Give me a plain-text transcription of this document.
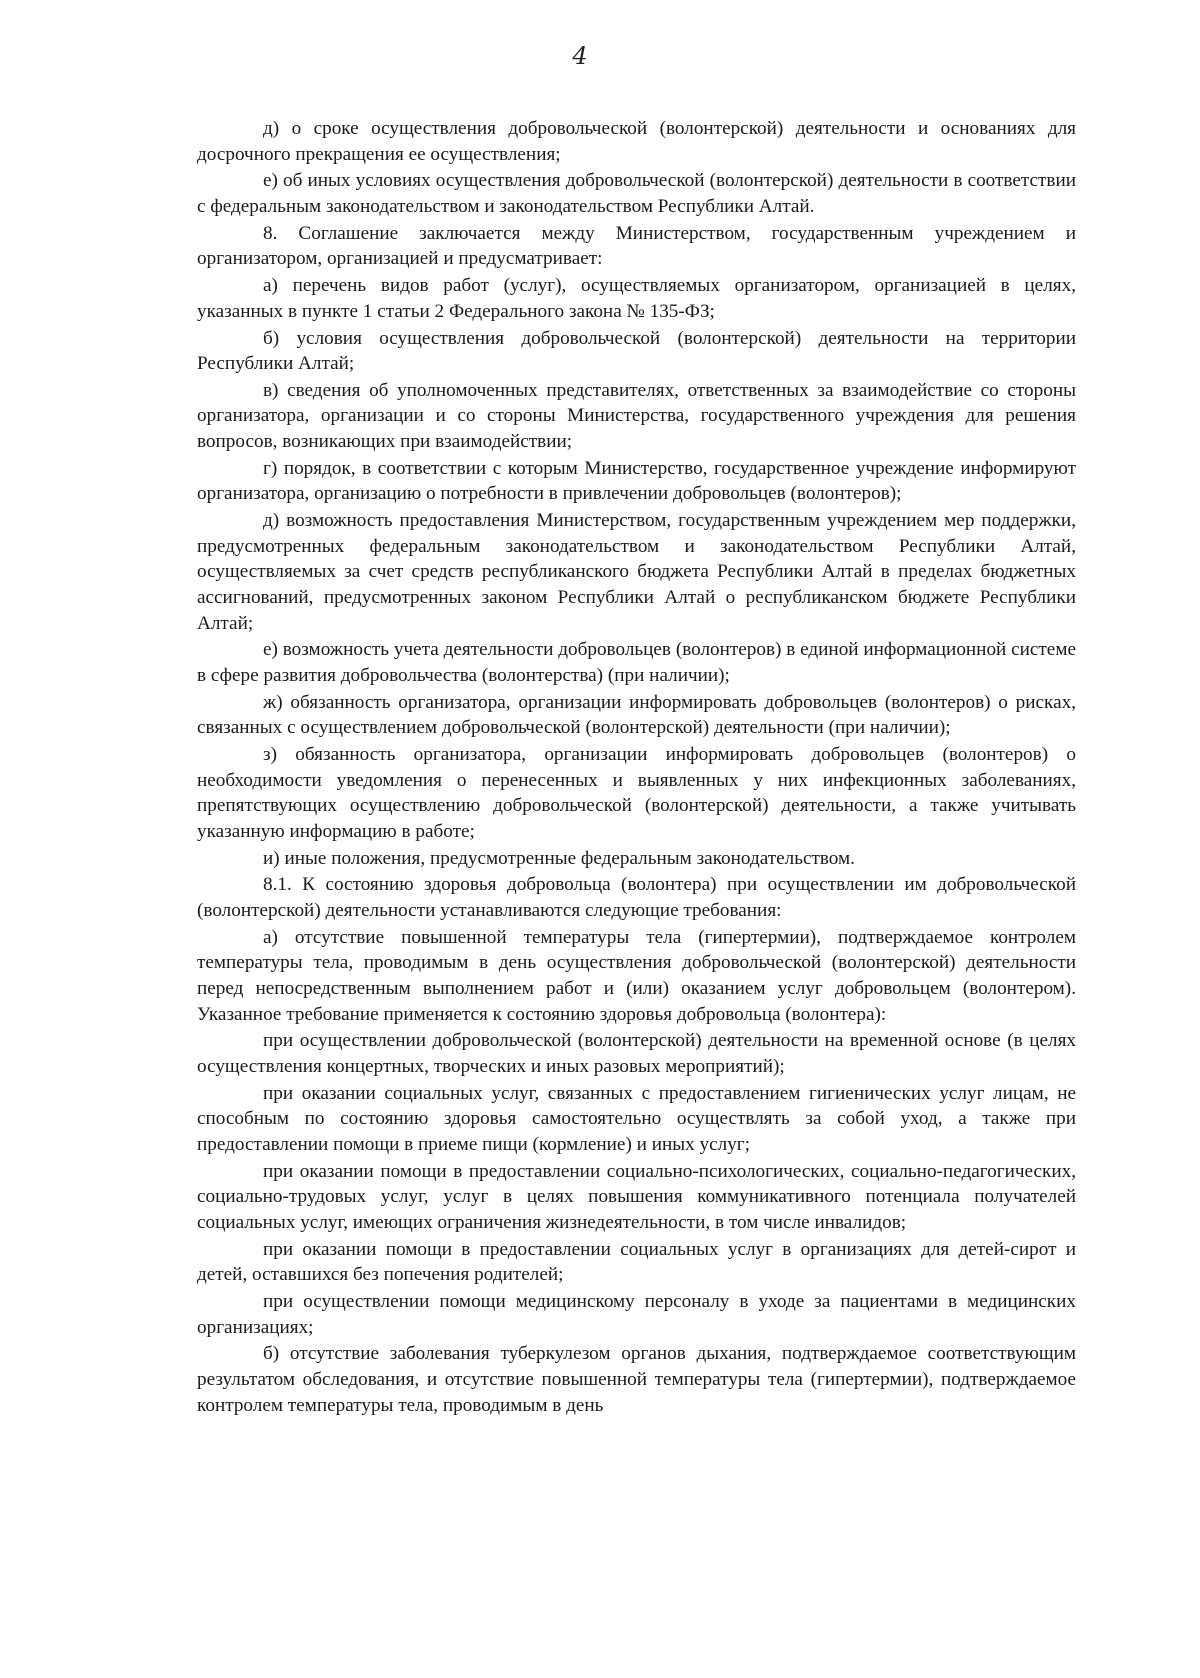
4

д) о сроке осуществления добровольческой (волонтерской) деятельности и основаниях для досрочного прекращения ее осуществления;

е) об иных условиях осуществления добровольческой (волонтерской) деятельности в соответствии с федеральным законодательством и законодательством Республики Алтай.

8. Соглашение заключается между Министерством, государственным учреждением и организатором, организацией и предусматривает:

а) перечень видов работ (услуг), осуществляемых организатором, организацией в целях, указанных в пункте 1 статьи 2 Федерального закона № 135-ФЗ;

б) условия осуществления добровольческой (волонтерской) деятельности на территории Республики Алтай;

в) сведения об уполномоченных представителях, ответственных за взаимодействие со стороны организатора, организации и со стороны Министерства, государственного учреждения для решения вопросов, возникающих при взаимодействии;

г) порядок, в соответствии с которым Министерство, государственное учреждение информируют организатора, организацию о потребности в привлечении добровольцев (волонтеров);

д) возможность предоставления Министерством, государственным учреждением мер поддержки, предусмотренных федеральным законодательством и законодательством Республики Алтай, осуществляемых за счет средств республиканского бюджета Республики Алтай в пределах бюджетных ассигнований, предусмотренных законом Республики Алтай о республиканском бюджете Республики Алтай;

е) возможность учета деятельности добровольцев (волонтеров) в единой информационной системе в сфере развития добровольчества (волонтерства) (при наличии);

ж) обязанность организатора, организации информировать добровольцев (волонтеров) о рисках, связанных с осуществлением добровольческой (волонтерской) деятельности (при наличии);

з) обязанность организатора, организации информировать добровольцев (волонтеров) о необходимости уведомления о перенесенных и выявленных у них инфекционных заболеваниях, препятствующих осуществлению добровольческой (волонтерской) деятельности, а также учитывать указанную информацию в работе;

и) иные положения, предусмотренные федеральным законодательством.

8.1. К состоянию здоровья добровольца (волонтера) при осуществлении им добровольческой (волонтерской) деятельности устанавливаются следующие требования:

а) отсутствие повышенной температуры тела (гипертермии), подтверждаемое контролем температуры тела, проводимым в день осуществления добровольческой (волонтерской) деятельности перед непосредственным выполнением работ и (или) оказанием услуг добровольцем (волонтером). Указанное требование применяется к состоянию здоровья добровольца (волонтера):

при осуществлении добровольческой (волонтерской) деятельности на временной основе (в целях осуществления концертных, творческих и иных разовых мероприятий);

при оказании социальных услуг, связанных с предоставлением гигиенических услуг лицам, не способным по состоянию здоровья самостоятельно осуществлять за собой уход, а также при предоставлении помощи в приеме пищи (кормление) и иных услуг;

при оказании помощи в предоставлении социально-психологических, социально-педагогических, социально-трудовых услуг, услуг в целях повышения коммуникативного потенциала получателей социальных услуг, имеющих ограничения жизнедеятельности, в том числе инвалидов;

при оказании помощи в предоставлении социальных услуг в организациях для детей-сирот и детей, оставшихся без попечения родителей;

при осуществлении помощи медицинскому персоналу в уходе за пациентами в медицинских организациях;

б) отсутствие заболевания туберкулезом органов дыхания, подтверждаемое соответствующим результатом обследования, и отсутствие повышенной температуры тела (гипертермии), подтверждаемое контролем температуры тела, проводимым в день
